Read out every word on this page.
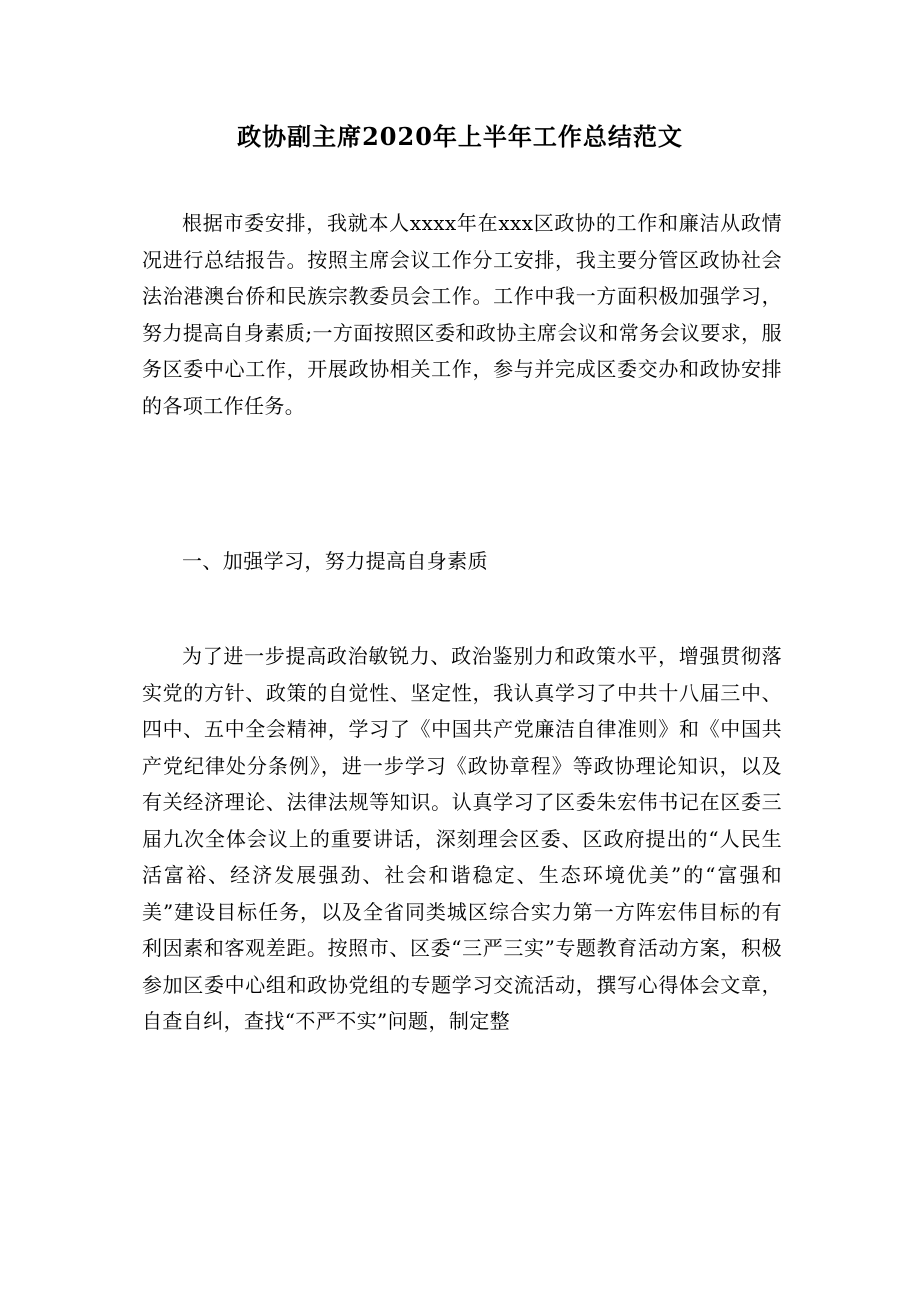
政协副主席2020年上半年工作总结范文

根据市委安排，我就本人xxxx年在xxx区政协的工作和廉洁从政情况进行总结报告。按照主席会议工作分工安排，我主要分管区政协社会法治港澳台侨和民族宗教委员会工作。工作中我一方面积极加强学习，努力提高自身素质;一方面按照区委和政协主席会议和常务会议要求，服务区委中心工作，开展政协相关工作，参与并完成区委交办和政协安排的各项工作任务。

一、加强学习，努力提高自身素质

为了进一步提高政治敏锐力、政治鉴别力和政策水平，增强贯彻落实党的方针、政策的自觉性、坚定性，我认真学习了中共十八届三中、四中、五中全会精神，学习了《中国共产党廉洁自律准则》和《中国共产党纪律处分条例》，进一步学习《政协章程》等政协理论知识，以及有关经济理论、法律法规等知识。认真学习了区委朱宏伟书记在区委三届九次全体会议上的重要讲话，深刻理会区委、区政府提出的“人民生活富裕、经济发展强劲、社会和谐稳定、生态环境优美”的“富强和美”建设目标任务，以及全省同类城区综合实力第一方阵宏伟目标的有利因素和客观差距。按照市、区委“三严三实”专题教育活动方案，积极参加区委中心组和政协党组的专题学习交流活动，撰写心得体会文章，自查自纠，查找“不严不实”问题，制定整
